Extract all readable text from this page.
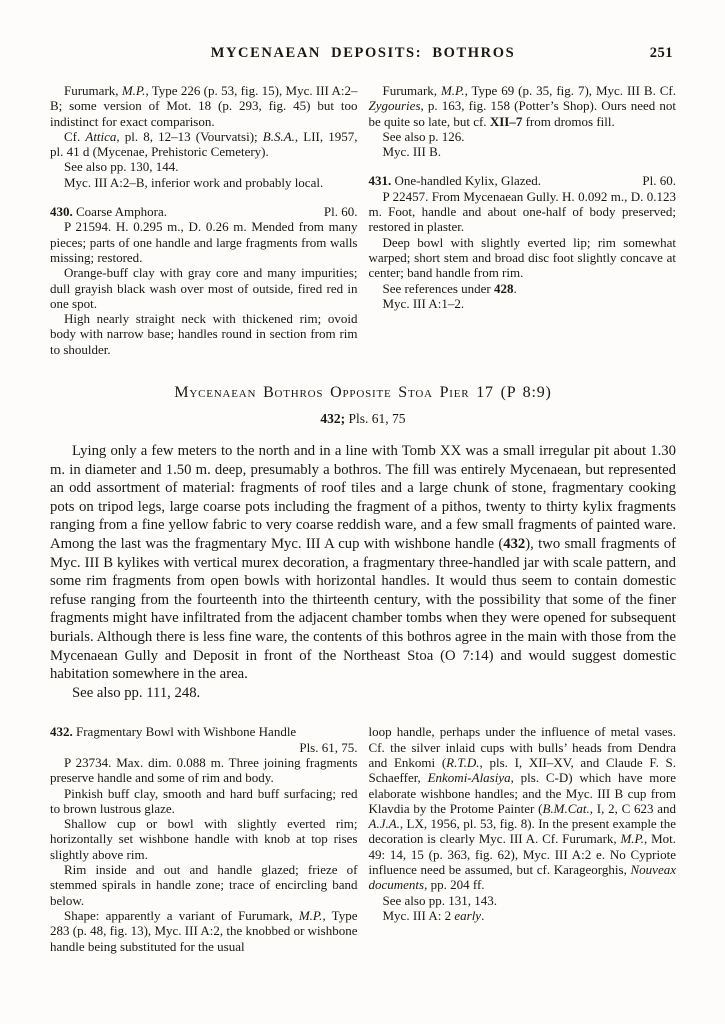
MYCENAEAN DEPOSITS: BOTHROS	251

Furumark, M.P., Type 226 (p. 53, fig. 15), Myc. III A:2–B; some version of Mot. 18 (p. 293, fig. 45) but too indistinct for exact comparison.

Cf. Attica, pl. 8, 12–13 (Vourvatsi); B.S.A., LII, 1957, pl. 41 d (Mycenae, Prehistoric Cemetery).

See also pp. 130, 144.

Myc. III A:2–B, inferior work and probably local.

430. Coarse Amphora.	Pl. 60.

P 21594. H. 0.295 m., D. 0.26 m. Mended from many pieces; parts of one handle and large fragments from walls missing; restored.

Orange-buff clay with gray core and many impurities; dull grayish black wash over most of outside, fired red in one spot.

High nearly straight neck with thickened rim; ovoid body with narrow base; handles round in section from rim to shoulder.

Furumark, M.P., Type 69 (p. 35, fig. 7), Myc. III B. Cf. Zygouries, p. 163, fig. 158 (Potter’s Shop). Ours need not be quite so late, but cf. XII–7 from dromos fill.

See also p. 126.

Myc. III B.

431. One-handled Kylix, Glazed.	Pl. 60.

P 22457. From Mycenaean Gully. H. 0.092 m., D. 0.123 m. Foot, handle and about one-half of body preserved; restored in plaster.

Deep bowl with slightly everted lip; rim somewhat warped; short stem and broad disc foot slightly concave at center; band handle from rim.

See references under 428.

Myc. III A:1–2.

Mycenaean Bothros Opposite Stoa Pier 17 (P 8:9)

432; Pls. 61, 75

Lying only a few meters to the north and in a line with Tomb XX was a small irregular pit about 1.30 m. in diameter and 1.50 m. deep, presumably a bothros. The fill was entirely Mycenaean, but represented an odd assortment of material: fragments of roof tiles and a large chunk of stone, fragmentary cooking pots on tripod legs, large coarse pots including the fragment of a pithos, twenty to thirty kylix fragments ranging from a fine yellow fabric to very coarse reddish ware, and a few small fragments of painted ware. Among the last was the fragmentary Myc. III A cup with wishbone handle (432), two small fragments of Myc. III B kylikes with vertical murex decoration, a fragmentary three-handled jar with scale pattern, and some rim fragments from open bowls with horizontal handles. It would thus seem to contain domestic refuse ranging from the fourteenth into the thirteenth century, with the possibility that some of the finer fragments might have infiltrated from the adjacent chamber tombs when they were opened for subsequent burials. Although there is less fine ware, the contents of this bothros agree in the main with those from the Mycenaean Gully and Deposit in front of the Northeast Stoa (O 7:14) and would suggest domestic habitation somewhere in the area.

See also pp. 111, 248.

432. Fragmentary Bowl with Wishbone Handle

Pls. 61, 75.

P 23734. Max. dim. 0.088 m. Three joining fragments preserve handle and some of rim and body.

Pinkish buff clay, smooth and hard buff surfacing; red to brown lustrous glaze.

Shallow cup or bowl with slightly everted rim; horizontally set wishbone handle with knob at top rises slightly above rim.

Rim inside and out and handle glazed; frieze of stemmed spirals in handle zone; trace of encircling band below.

Shape: apparently a variant of Furumark, M.P., Type 283 (p. 48, fig. 13), Myc. III A:2, the knobbed or wishbone handle being substituted for the usual

loop handle, perhaps under the influence of metal vases. Cf. the silver inlaid cups with bulls’ heads from Dendra and Enkomi (R.T.D., pls. I, XII–XV, and Claude F. S. Schaeffer, Enkomi-Alasiya, pls. C-D) which have more elaborate wishbone handles; and the Myc. III B cup from Klavdia by the Protome Painter (B.M.Cat., I, 2, C 623 and A.J.A., LX, 1956, pl. 53, fig. 8). In the present example the decoration is clearly Myc. III A. Cf. Furumark, M.P., Mot. 49: 14, 15 (p. 363, fig. 62), Myc. III A:2 e. No Cypriote influence need be assumed, but cf. Karageorghis, Nouveax documents, pp. 204 ff.

See also pp. 131, 143.

Myc. III A: 2 early.
